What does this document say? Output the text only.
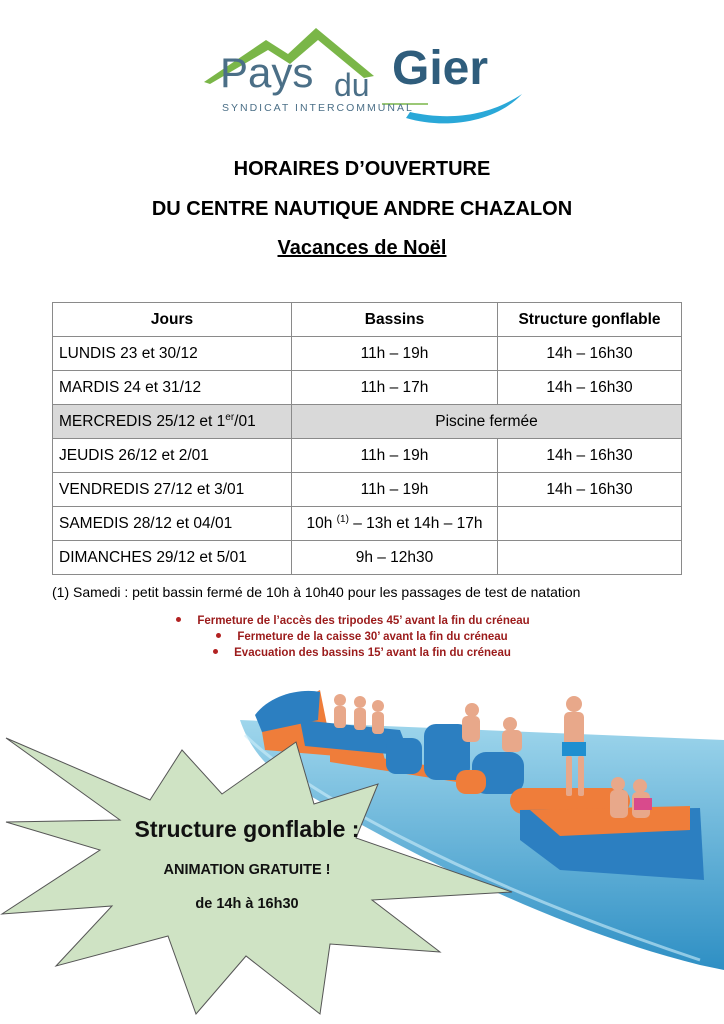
Pays du Gier
SYNDICAT INTERCOMMUNAL
HORAIRES D’OUVERTURE
DU CENTRE NAUTIQUE ANDRE CHAZALON
Vacances de Noël
Jours	Bassins	Structure gonflable
LUNDIS 23 et 30/12	11h – 19h	14h – 16h30
MARDIS 24 et 31/12	11h – 17h	14h – 16h30
MERCREDIS 25/12 et 1er/01	Piscine fermée	
JEUDIS 26/12 et 2/01	11h – 19h	14h – 16h30
VENDREDIS 27/12 et 3/01	11h – 19h	14h – 16h30
SAMEDIS 28/12 et 04/01	10h $^{(1)}$ – 13h et 14h – 17h	
DIMANCHES 29/12 et 5/01	9h – 12h30	
(1) Samedi : petit bassin fermé de 10h à 10h40 pour les passages de test de natation
Fermeture de l’accès des tripodes 45’ avant la fin du créneau
Fermeture de la caisse 30’ avant la fin du créneau
Evacuation des bassins 15’ avant la fin du créneau
Structure gonflable :
ANIMATION GRATUITE !
de 14h à 16h30
